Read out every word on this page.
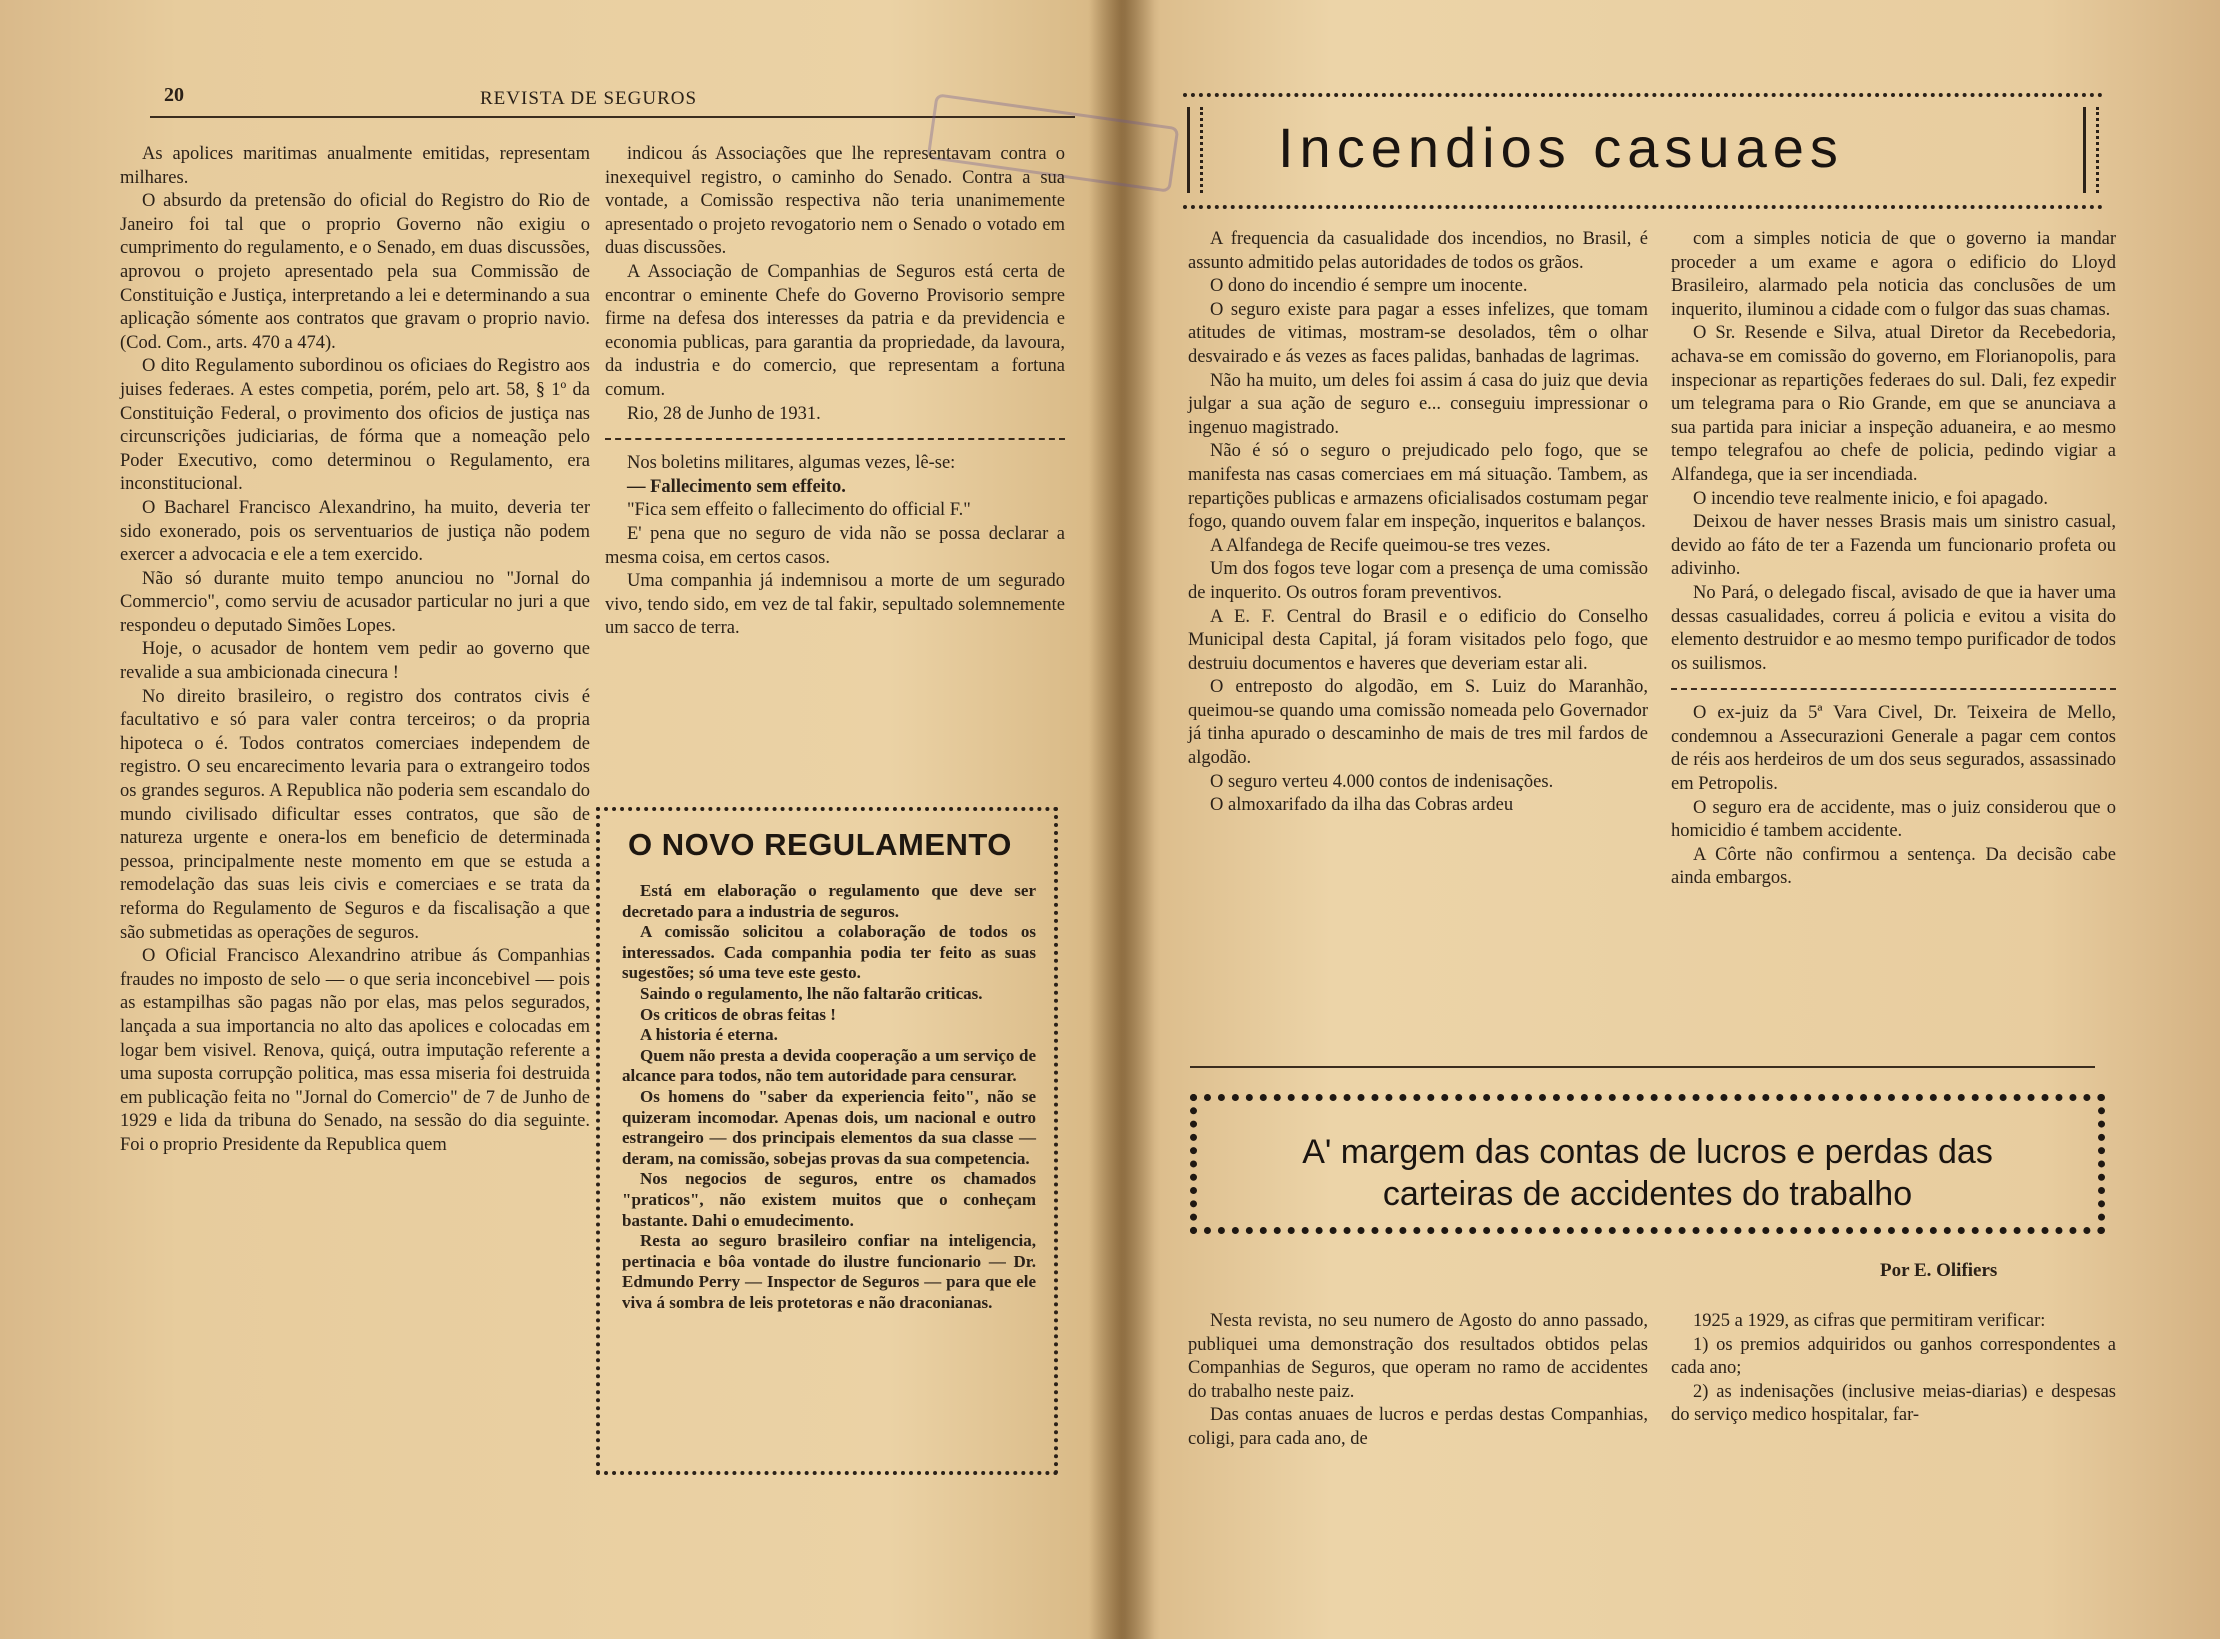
20	REVISTA DE SEGUROS

As apolices maritimas anualmente emitidas, representam milhares.

O absurdo da pretensão do oficial do Registro do Rio de Janeiro foi tal que o proprio Governo não exigiu o cumprimento do regulamento, e o Senado, em duas discussões, aprovou o projeto apresentado pela sua Commissão de Constituição e Justiça, interpretando a lei e determinando a sua aplicação sómente aos contratos que gravam o proprio navio. (Cod. Com., arts. 470 a 474).

O dito Regulamento subordinou os oficiaes do Registro aos juises federaes. A estes competia, porém, pelo art. 58, § 1º da Constituição Federal, o provimento dos oficios de justiça nas circunscrições judiciarias, de fórma que a nomeação pelo Poder Executivo, como determinou o Regulamento, era inconstitucional.

O Bacharel Francisco Alexandrino, ha muito, deveria ter sido exonerado, pois os serventuarios de justiça não podem exercer a advocacia e ele a tem exercido.

Não só durante muito tempo anunciou no "Jornal do Commercio", como serviu de acusador particular no juri a que respondeu o deputado Simões Lopes.

Hoje, o acusador de hontem vem pedir ao governo que revalide a sua ambicionada cinecura !

No direito brasileiro, o registro dos contratos civis é facultativo e só para valer contra terceiros; o da propria hipoteca o é. Todos contratos comerciaes independem de registro. O seu encarecimento levaria para o extrangeiro todos os grandes seguros. A Republica não poderia sem escandalo do mundo civilisado dificultar esses contratos, que são de natureza urgente e onera-los em beneficio de determinada pessoa, principalmente neste momento em que se estuda a remodelação das suas leis civis e comerciaes e se trata da reforma do Regulamento de Seguros e da fiscalisação a que são submetidas as operações de seguros.

O Oficial Francisco Alexandrino atribue ás Companhias fraudes no imposto de selo — o que seria inconcebivel — pois as estampilhas são pagas não por elas, mas pelos segurados, lançada a sua importancia no alto das apolices e colocadas em logar bem visivel. Renova, quiçá, outra imputação referente a uma suposta corrupção politica, mas essa miseria foi destruida em publicação feita no "Jornal do Comercio" de 7 de Junho de 1929 e lida da tribuna do Senado, na sessão do dia seguinte. Foi o proprio Presidente da Republica quem

indicou ás Associações que lhe representavam contra o inexequivel registro, o caminho do Senado. Contra a sua vontade, a Comissão respectiva não teria unanimemente apresentado o projeto revogatorio nem o Senado o votado em duas discussões.

A Associação de Companhias de Seguros está certa de encontrar o eminente Chefe do Governo Provisorio sempre firme na defesa dos interesses da patria e da previdencia e economia publicas, para garantia da propriedade, da lavoura, da industria e do comercio, que representam a fortuna comum.

Rio, 28 de Junho de 1931.

Nos boletins militares, algumas vezes, lê-se:

— Fallecimento sem effeito.

"Fica sem effeito o fallecimento do official F."

E' pena que no seguro de vida não se possa declarar a mesma coisa, em certos casos.

Uma companhia já indemnisou a morte de um segurado vivo, tendo sido, em vez de tal fakir, sepultado solemnemente um sacco de terra.

O NOVO REGULAMENTO

Está em elaboração o regulamento que deve ser decretado para a industria de seguros.

A comissão solicitou a colaboração de todos os interessados. Cada companhia podia ter feito as suas sugestões; só uma teve este gesto.

Saindo o regulamento, lhe não faltarão criticas.

Os criticos de obras feitas !

A historia é eterna.

Quem não presta a devida cooperação a um serviço de alcance para todos, não tem autoridade para censurar.

Os homens do "saber da experiencia feito", não se quizeram incomodar. Apenas dois, um nacional e outro estrangeiro — dos principais elementos da sua classe — deram, na comissão, sobejas provas da sua competencia.

Nos negocios de seguros, entre os chamados "praticos", não existem muitos que o conheçam bastante. Dahi o emudecimento.

Resta ao seguro brasileiro confiar na inteligencia, pertinacia e bôa vontade do ilustre funcionario — Dr. Edmundo Perry — Inspector de Seguros — para que ele viva á sombra de leis protetoras e não draconianas.

Incendios casuaes

A frequencia da casualidade dos incendios, no Brasil, é assunto admitido pelas autoridades de todos os grãos.

O dono do incendio é sempre um inocente.

O seguro existe para pagar a esses infelizes, que tomam atitudes de vitimas, mostram-se desolados, têm o olhar desvairado e ás vezes as faces palidas, banhadas de lagrimas.

Não ha muito, um deles foi assim á casa do juiz que devia julgar a sua ação de seguro e... conseguiu impressionar o ingenuo magistrado.

Não é só o seguro o prejudicado pelo fogo, que se manifesta nas casas comerciaes em má situação. Tambem, as repartições publicas e armazens oficialisados costumam pegar fogo, quando ouvem falar em inspeção, inqueritos e balanços.

A Alfandega de Recife queimou-se tres vezes.

Um dos fogos teve logar com a presença de uma comissão de inquerito. Os outros foram preventivos.

A E. F. Central do Brasil e o edificio do Conselho Municipal desta Capital, já foram visitados pelo fogo, que destruiu documentos e haveres que deveriam estar ali.

O entreposto do algodão, em S. Luiz do Maranhão, queimou-se quando uma comissão nomeada pelo Governador já tinha apurado o descaminho de mais de tres mil fardos de algodão.

O seguro verteu 4.000 contos de indenisações.

O almoxarifado da ilha das Cobras ardeu

com a simples noticia de que o governo ia mandar proceder a um exame e agora o edificio do Lloyd Brasileiro, alarmado pela noticia das conclusões de um inquerito, iluminou a cidade com o fulgor das suas chamas.

O Sr. Resende e Silva, atual Diretor da Recebedoria, achava-se em comissão do governo, em Florianopolis, para inspecionar as repartições federaes do sul. Dali, fez expedir um telegrama para o Rio Grande, em que se anunciava a sua partida para iniciar a inspeção aduaneira, e ao mesmo tempo telegrafou ao chefe de policia, pedindo vigiar a Alfandega, que ia ser incendiada.

O incendio teve realmente inicio, e foi apagado.

Deixou de haver nesses Brasis mais um sinistro casual, devido ao fáto de ter a Fazenda um funcionario profeta ou adivinho.

No Pará, o delegado fiscal, avisado de que ia haver uma dessas casualidades, correu á policia e evitou a visita do elemento destruidor e ao mesmo tempo purificador de todos os suilismos.

O ex-juiz da 5ª Vara Civel, Dr. Teixeira de Mello, condemnou a Assecurazioni Generale a pagar cem contos de réis aos herdeiros de um dos seus segurados, assassinado em Petropolis.

O seguro era de accidente, mas o juiz considerou que o homicidio é tambem accidente.

A Côrte não confirmou a sentença. Da decisão cabe ainda embargos.

A' margem das contas de lucros e perdas das
carteiras de accidentes do trabalho
Por E. Olifiers

Nesta revista, no seu numero de Agosto do anno passado, publiquei uma demonstração dos resultados obtidos pelas Companhias de Seguros, que operam no ramo de accidentes do trabalho neste paiz.

Das contas anuaes de lucros e perdas destas Companhias, coligi, para cada ano, de

1925 a 1929, as cifras que permitiram verificar:

1) os premios adquiridos ou ganhos correspondentes a cada ano;

2) as indenisações (inclusive meias-diarias) e despesas do serviço medico hospitalar, far-
